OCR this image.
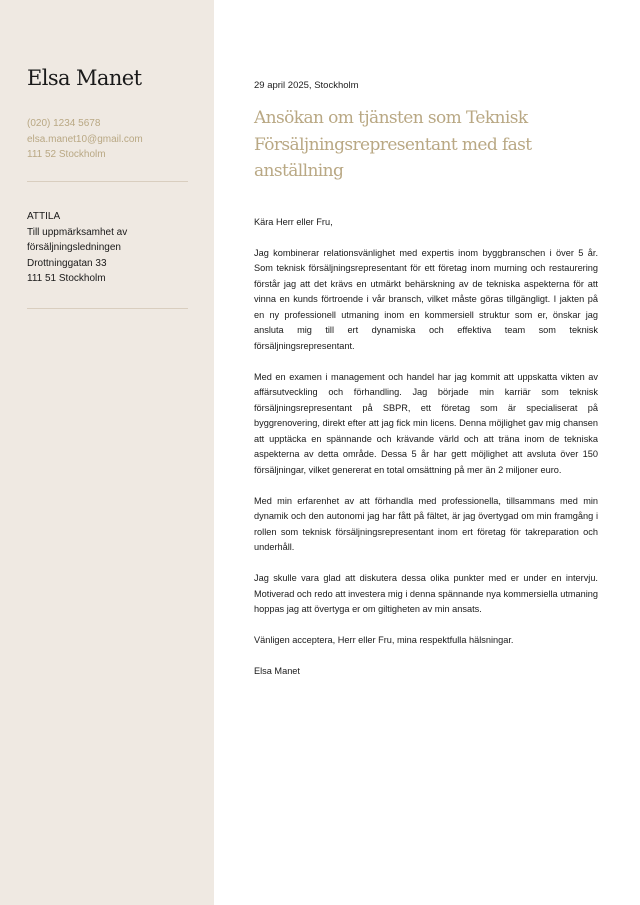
Elsa Manet
(020) 1234 5678
elsa.manet10@gmail.com
111 52 Stockholm
ATTILA
Till uppmärksamhet av
försäljningsledningen
Drottninggatan 33
111 51 Stockholm
29 april 2025, Stockholm
Ansökan om tjänsten som Teknisk Försäljningsrepresentant med fast anställning

Kära Herr eller Fru,

Jag kombinerar relationsvänlighet med expertis inom byggbranschen i över 5 år. Som teknisk försäljningsrepresentant för ett företag inom murning och restaurering förstår jag att det krävs en utmärkt behärskning av de tekniska aspekterna för att vinna en kunds förtroende i vår bransch, vilket måste göras tillgängligt. I jakten på en ny professionell utmaning inom en kommersiell struktur som er, önskar jag ansluta mig till ert dynamiska och effektiva team som teknisk försäljningsrepresentant.

Med en examen i management och handel har jag kommit att uppskatta vikten av affärsutveckling och förhandling. Jag började min karriär som teknisk försäljningsrepresentant på SBPR, ett företag som är specialiserat på byggrenovering, direkt efter att jag fick min licens. Denna möjlighet gav mig chansen att upptäcka en spännande och krävande värld och att träna inom de tekniska aspekterna av detta område. Dessa 5 år har gett möjlighet att avsluta över 150 försäljningar, vilket genererat en total omsättning på mer än 2 miljoner euro.

Med min erfarenhet av att förhandla med professionella, tillsammans med min dynamik och den autonomi jag har fått på fältet, är jag övertygad om min framgång i rollen som teknisk försäljningsrepresentant inom ert företag för takreparation och underhåll.

Jag skulle vara glad att diskutera dessa olika punkter med er under en intervju. Motiverad och redo att investera mig i denna spännande nya kommersiella utmaning hoppas jag att övertyga er om giltigheten av min ansats.

Vänligen acceptera, Herr eller Fru, mina respektfulla hälsningar.

Elsa Manet
